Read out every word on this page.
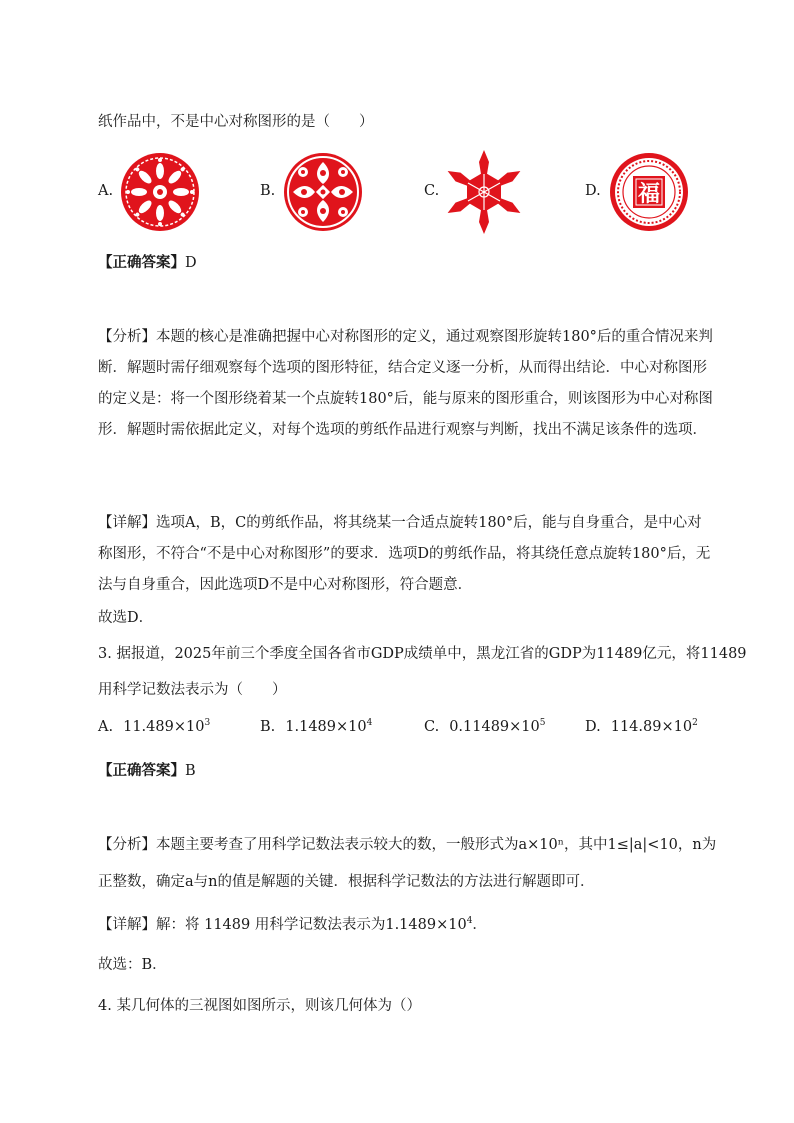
纸作品中，不是中心对称图形的是（　　）
A.	B.	C.	D. 福
【正确答案】D
【分析】本题的核心是准确把握中心对称图形的定义，通过观察图形旋转180°后的重合情况来判断．解题时需仔细观察每个选项的图形特征，结合定义逐一分析，从而得出结论．中心对称图形的定义是：将一个图形绕着某一个点旋转180°后，能与原来的图形重合，则该图形为中心对称图形．解题时需依据此定义，对每个选项的剪纸作品进行观察与判断，找出不满足该条件的选项．
【详解】选项A，B，C的剪纸作品，将其绕某一合适点旋转180°后，能与自身重合，是中心对称图形，不符合“不是中心对称图形”的要求．选项D的剪纸作品，将其绕任意点旋转180°后，无法与自身重合，因此选项D不是中心对称图形，符合题意．
故选D．
3. 据报道，2025年前三个季度全国各省市GDP成绩单中，黑龙江省的GDP为11489亿元，将11489
用科学记数法表示为（　　）
A. $11.489\times 10^3$	B. $1.1489\times 10^4$	C. $0.11489\times 10^5$	D. $114.89\times 10^2$
【正确答案】B
【分析】本题主要考查了用科学记数法表示较大的数，一般形式为a×10ⁿ，其中1≤|a|<10，n为
正整数，确定a与n的值是解题的关键．根据科学记数法的方法进行解题即可．
【详解】解：将 11489 用科学记数法表示为$1.1489\times 10^4$．
故选：B．
4. 某几何体的三视图如图所示，则该几何体为（）
